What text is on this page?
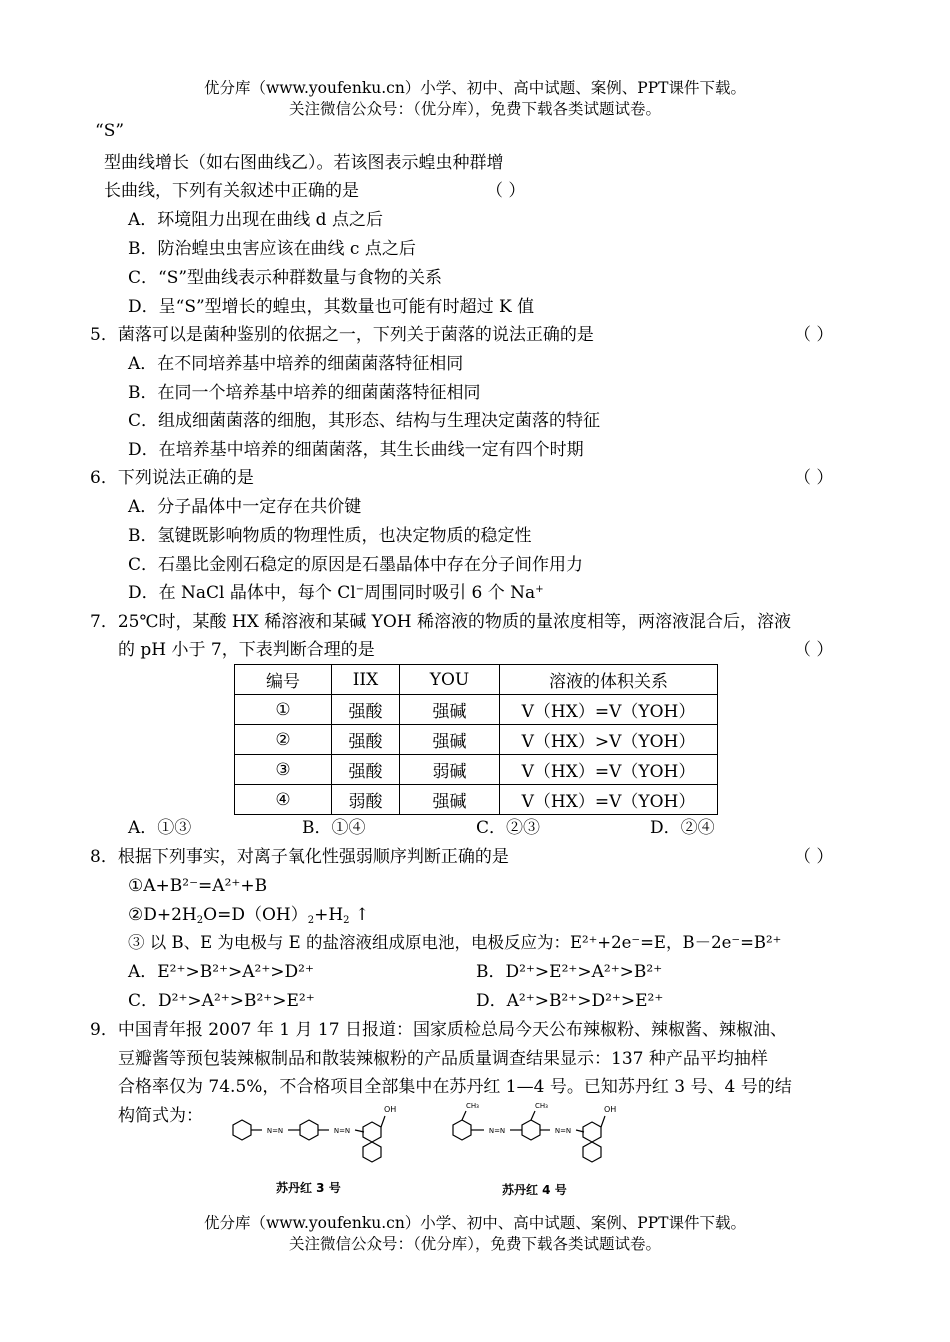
优分库（www.youfenku.cn）小学、初中、高中试题、案例、PPT课件下载。
关注微信公众号：（优分库），免费下载各类试题试卷。
“S”
型曲线增长（如右图曲线乙）。若该图表示蝗虫种群增
长曲线，下列有关叙述中正确的是	（ ）
A．环境阻力出现在曲线 d 点之后
B．防治蝗虫虫害应该在曲线 c 点之后
C．“S”型曲线表示种群数量与食物的关系
D．呈“S”型增长的蝗虫，其数量也可能有时超过 K 值
5．菌落可以是菌种鉴别的依据之一，下列关于菌落的说法正确的是	（ ）
A．在不同培养基中培养的细菌菌落特征相同
B．在同一个培养基中培养的细菌菌落特征相同
C．组成细菌菌落的细胞，其形态、结构与生理决定菌落的特征
D．在培养基中培养的细菌菌落，其生长曲线一定有四个时期
6．下列说法正确的是	（ ）
A．分子晶体中一定存在共价键
B．氢键既影响物质的物理性质，也决定物质的稳定性
C．石墨比金刚石稳定的原因是石墨晶体中存在分子间作用力
D．在 NaCl 晶体中，每个 Cl−周围同时吸引 6 个 Na+
7．25℃时，某酸 HX 稀溶液和某碱 YOH 稀溶液的物质的量浓度相等，两溶液混合后，溶液
的 pH 小于 7，下表判断合理的是	（ ）
编号	IIX	YOU	溶液的体积关系
①	强酸	强碱	V（HX）=V（YOH）
②	强酸	强碱	V（HX）>V（YOH）
③	强酸	弱碱	V（HX）=V（YOH）
④	弱酸	强碱	V（HX）=V（YOH）
A．①③	B．①④	C．②③	D．②④
8．根据下列事实，对离子氧化性强弱顺序判断正确的是	（ ）
①A+B²⁻=A²⁺+B
$②D+2H_2O=D(OH)_2+H_2$ ↑
③ 以 B、E 为电极与 E 的盐溶液组成原电池，电极反应为：E²⁺+2e⁻=E，B－2e⁻=B²⁺
A．E²⁺>B²⁺>A²⁺>D²⁺	B．D²⁺>E²⁺>A²⁺>B²⁺
C．D²⁺>A²⁺>B²⁺>E²⁺	D．A²⁺>B²⁺>D²⁺>E²⁺
9．中国青年报 2007 年 1 月 17 日报道：国家质检总局今天公布辣椒粉、辣椒酱、辣椒油、
豆瓣酱等预包装辣椒制品和散装辣椒粉的产品质量调查结果显示：137 种产品平均抽样
合格率仅为 74.5%，不合格项目全部集中在苏丹红 1—4 号。已知苏丹红 3 号、4 号的结
构简式为：
N=N	N=N
OH
苏丹红 3 号
CH₃	CH₃
N=N	N=N
OH
苏丹红 4 号
优分库（www.youfenku.cn）小学、初中、高中试题、案例、PPT课件下载。
关注微信公众号：（优分库），免费下载各类试题试卷。
